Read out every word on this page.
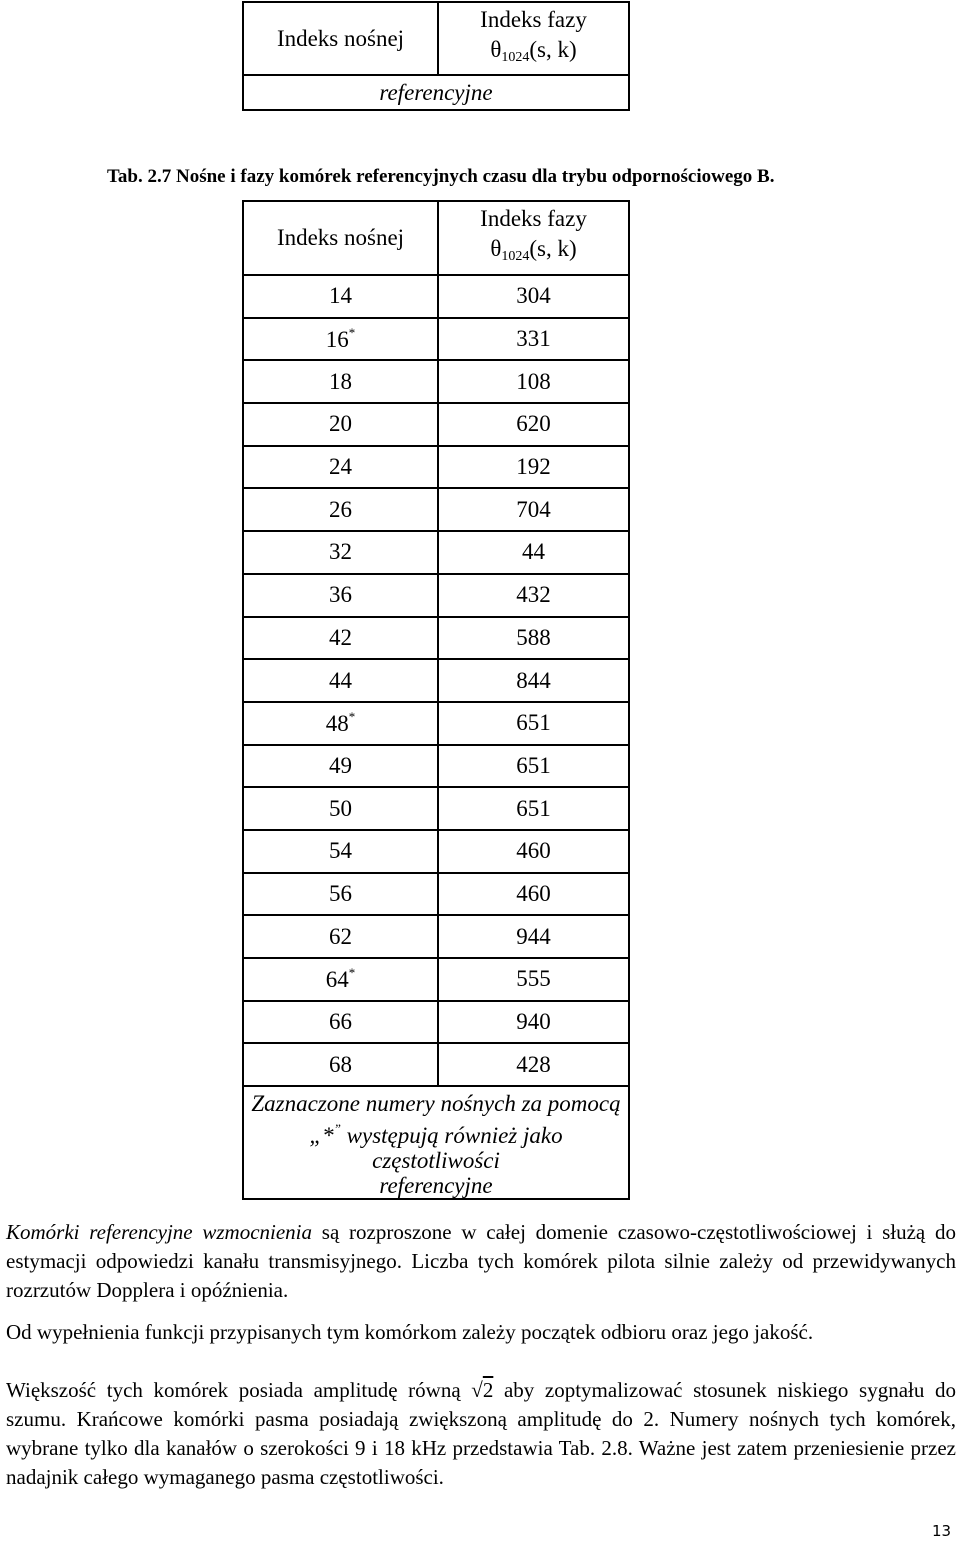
Indeks nośnej	Indeks fazy
$\theta_{1024}(s$, k)
referencyjne
Tab. 2.7 Nośne i fazy komórek referencyjnych czasu dla trybu odpornościowego B.
Indeks nośnej	Indeks fazy
$\theta_{1024}(s$, k)
14	304
16*	331
18	108
20	620
24	192
26	704
32	44
36	432
42	588
44	844
48*	651
49	651
50	651
54	460
56	460
62	944
64*	555
66	940
68	428
Zaznaczone numery nośnych za pomocą
„*” występują również jako częstotliwości
referencyjne	
Komórki referencyjne wzmocnienia są rozproszone w całej domenie czasowo-częstotliwościowej i służą do estymacji odpowiedzi kanału transmisyjnego. Liczba tych komórek pilota silnie zależy od przewidywanych rozrzutów Dopplera i opóźnienia.
Od wypełnienia funkcji przypisanych tym komórkom zależy początek odbioru oraz jego jakość.
Większość tych komórek posiada amplitudę równą √2 aby zoptymalizować stosunek niskiego sygnału do szumu. Krańcowe komórki pasma posiadają zwiększoną amplitudę do 2. Numery nośnych tych komórek, wybrane tylko dla kanałów o szerokości 9 i 18 kHz przedstawia Tab. 2.8. Ważne jest zatem przeniesienie przez nadajnik całego wymaganego pasma częstotliwości.
13
